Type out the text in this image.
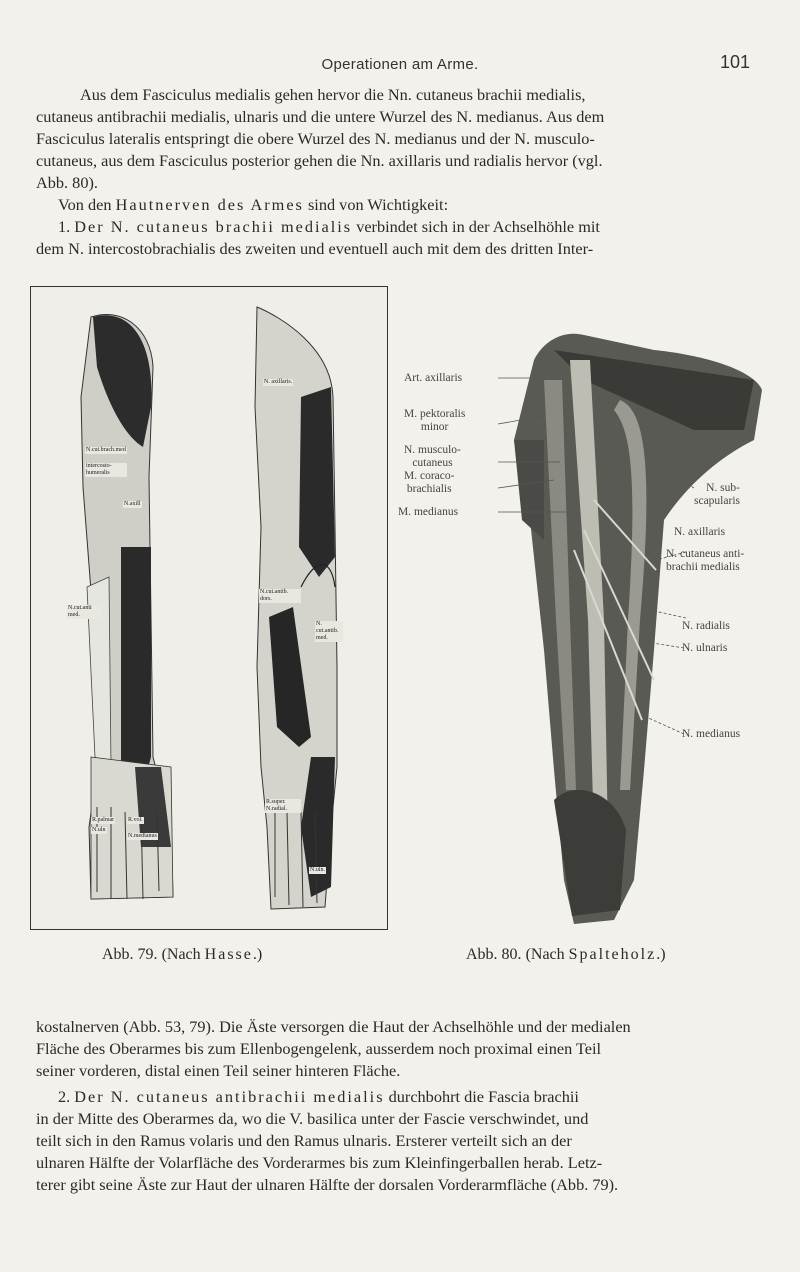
Operationen am Arme.	101
Aus dem Fasciculus medialis gehen hervor die Nn. cutaneus brachii medialis,
cutaneus antibrachii medialis, ulnaris und die untere Wurzel des N. medianus. Aus dem
Fasciculus lateralis entspringt die obere Wurzel des N. medianus und der N. musculo-
cutaneus, aus dem Fasciculus posterior gehen die Nn. axillaris und radialis hervor (vgl.
Abb. 80).
Von den Hautnerven des Armes sind von Wichtigkeit:
1. Der N. cutaneus brachii medialis verbindet sich in der Achselhöhle mit
dem N. intercostobrachialis des zweiten und eventuell auch mit dem des dritten Inter-
N.cut.brach.med
intercosto-humeralis
N.axill
N.cut.anti med.
R.palmar
N.uln
R.vol.
N.medianus
N. axillaris.
N.cut.antib. dors.
N. cut.antib. med.
R.super. N.radial.
N.uln.
Art. axillaris
M. pektoralis
minor
N. musculo-
cutaneus
M. coraco-
brachialis
M. medianus
N. sub-
scapularis
N. axillaris
N. cutaneus anti-
brachii medialis
N. radialis
N. ulnaris
N. medianus
Abb. 79. (Nach Hasse.)	Abb. 80. (Nach Spalteholz.)
kostalnerven (Abb. 53, 79). Die Äste versorgen die Haut der Achselhöhle und der medialen
Fläche des Oberarmes bis zum Ellenbogengelenk, ausserdem noch proximal einen Teil
seiner vorderen, distal einen Teil seiner hinteren Fläche.
2. Der N. cutaneus antibrachii medialis durchbohrt die Fascia brachii
in der Mitte des Oberarmes da, wo die V. basilica unter der Fascie verschwindet, und
teilt sich in den Ramus volaris und den Ramus ulnaris. Ersterer verteilt sich an der
ulnaren Hälfte der Volarfläche des Vorderarmes bis zum Kleinfingerballen herab. Letz-
terer gibt seine Äste zur Haut der ulnaren Hälfte der dorsalen Vorderarmfläche (Abb. 79).
